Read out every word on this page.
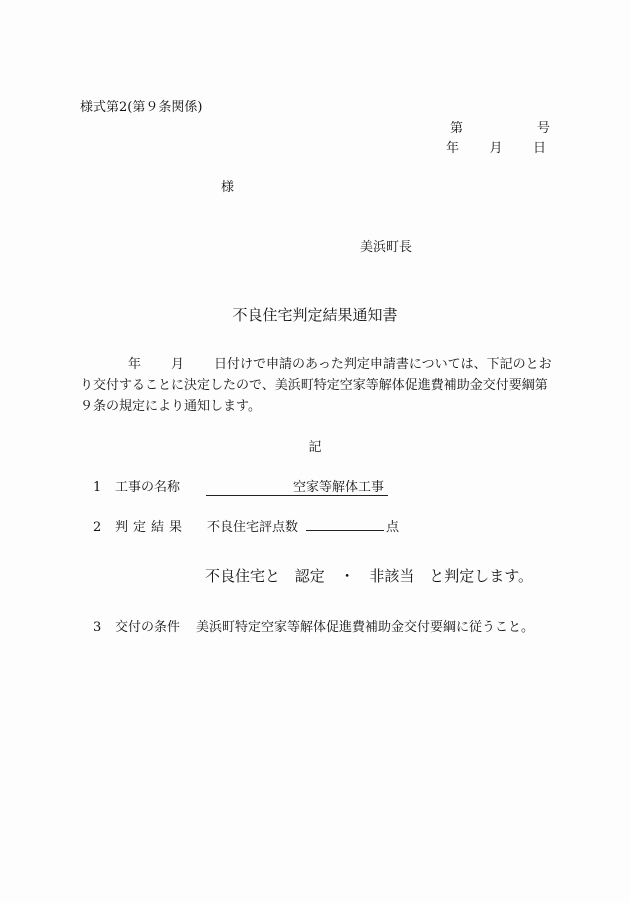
様式第2(第９条関係)
第	号
年 月 日
様
美浜町長
不良住宅判定結果通知書
年 月 日付けで申請のあった判定申請書については、下記のとおり交付することに決定したので、美浜町特定空家等解体促進費補助金交付要綱第９条の規定により通知します。
記
1	工事の名称	空家等解体工事
2	判定結果 不良住宅評点数	点
不良住宅と 認定 ・ 非該当 と判定します。
3	交付の条件 美浜町特定空家等解体促進費補助金交付要綱に従うこと。
